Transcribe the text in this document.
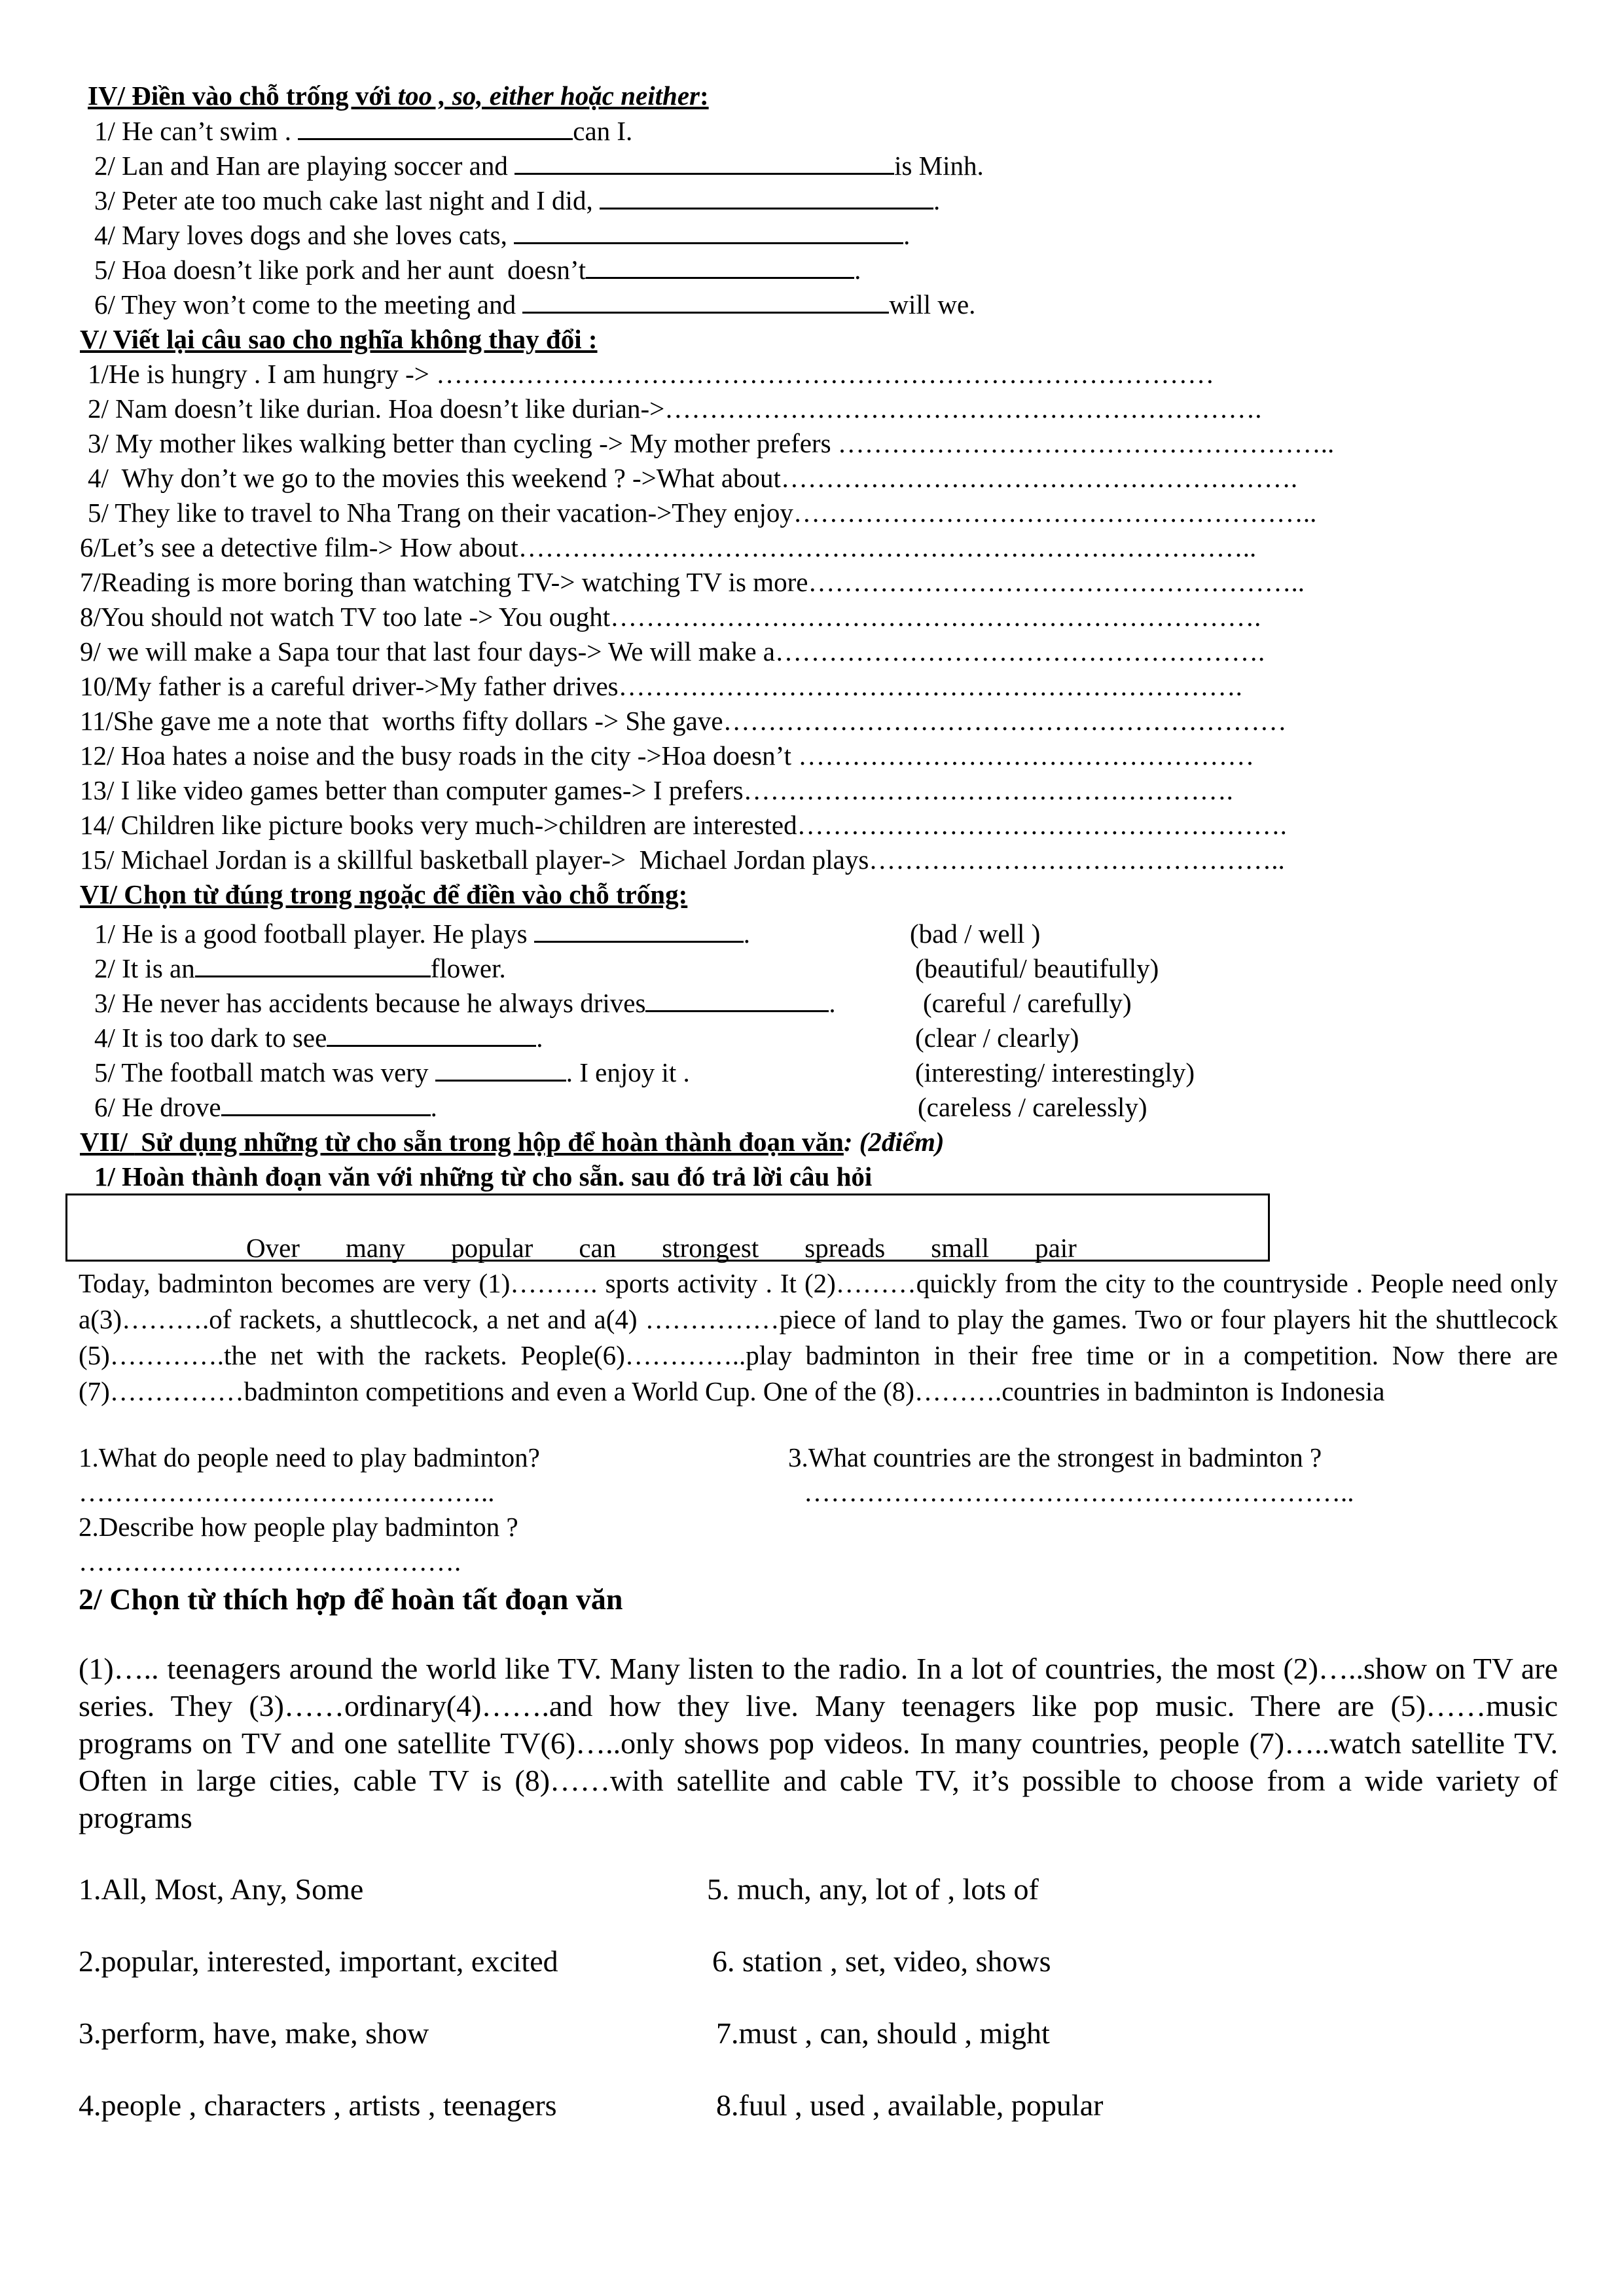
IV/ Điền vào chỗ trống với too , so, either hoặc neither:
1/ He can’t swim .	can I.
2/ Lan and Han are playing soccer and	is Minh.
3/ Peter ate too much cake last night and I did,	.
4/ Mary loves dogs and she loves cats,	.
5/ Hoa doesn’t like pork and her aunt  doesn’t	.
6/ They won’t come to the meeting and	will we.
V/ Viết lại câu sao cho nghĩa không thay đổi :
1/He is hungry . I am hungry -> ……………………………………………………………………………
2/ Nam doesn’t like durian. Hoa doesn’t like durian->………………………………………………………….
3/ My mother likes walking better than cycling -> My mother prefers ………………………………………………..
4/  Why don’t we go to the movies this weekend ? ->What about………………………………………………….
5/ They like to travel to Nha Trang on their vacation->They enjoy…………………………………………………..
6/Let’s see a detective film-> How about………………………………………………………………………..
7/Reading is more boring than watching TV-> watching TV is more………………………………………………..
8/You should not watch TV too late -> You ought……………………………………………………………….
9/ we will make a Sapa tour that last four days-> We will make a……………………………………………….
10/My father is a careful driver->My father drives…………………………………………………………….
11/She gave me a note that  worths fifty dollars -> She gave………………………………………………………
12/ Hoa hates a noise and the busy roads in the city ->Hoa doesn’t ……………………………………………
13/ I like video games better than computer games-> I prefers……………………………………………….
14/ Children like picture books very much->children are interested……………………………………………….
15/ Michael Jordan is a skillful basketball player->  Michael Jordan plays………………………………………..
VI/ Chọn từ đúng trong ngoặc để điền vào chỗ trống:
1/ He is a good football player. He plays	.	(bad / well )
2/ It is an	flower.	(beautiful/ beautifully)
3/ He never has accidents because he always drives	.	(careful / carefully)
4/ It is too dark to see	.	(clear / clearly)
5/ The football match was very	. I enjoy it .	(interesting/ interestingly)
6/ He drove	.	(careless / carelessly)
VII/  Sử dụng những từ cho sẵn trong hộp để hoàn thành đoạn văn: (2điểm)
1/ Hoàn thành đoạn văn với những từ cho sẵn. sau đó trả lời câu hỏi
Over many popular can strongest spreads small pair
Today, badminton becomes are very (1)………. sports activity . It (2)………quickly from the city to the countryside . People need only a(3)……….of rackets, a shuttlecock, a net and a(4) ……………piece of land to play the games. Two or four players hit the shuttlecock (5)………….the net with the rackets. People(6)…………..play badminton in their free time or in a competition. Now there are (7)……………badminton competitions and even a World Cup. One of the (8)……….countries in badminton is Indonesia
1.What do people need to play badminton?	3.What countries are the strongest in badminton ?
………………………………………..	……………………………………………………..
2.Describe how people play badminton ?
…………………………………….
2/ Chọn từ thích hợp để hoàn tất đoạn văn
(1)….. teenagers around the world like TV. Many listen to the radio. In a lot of countries, the most (2)…..show on TV are series. They (3)……ordinary(4)…….and how they live. Many teenagers like pop music. There are (5)……music programs on TV and one satellite TV(6)…..only shows pop videos. In many countries, people (7)…..watch satellite TV. Often in large cities, cable TV is (8)……with satellite and cable TV, it’s possible to choose from a wide variety of programs
1.All, Most, Any, Some	5. much, any, lot of , lots of
2.popular, interested, important, excited	6. station , set, video, shows
3.perform, have, make, show	7.must , can, should , might
4.people , characters , artists , teenagers	8.fuul , used , available, popular
